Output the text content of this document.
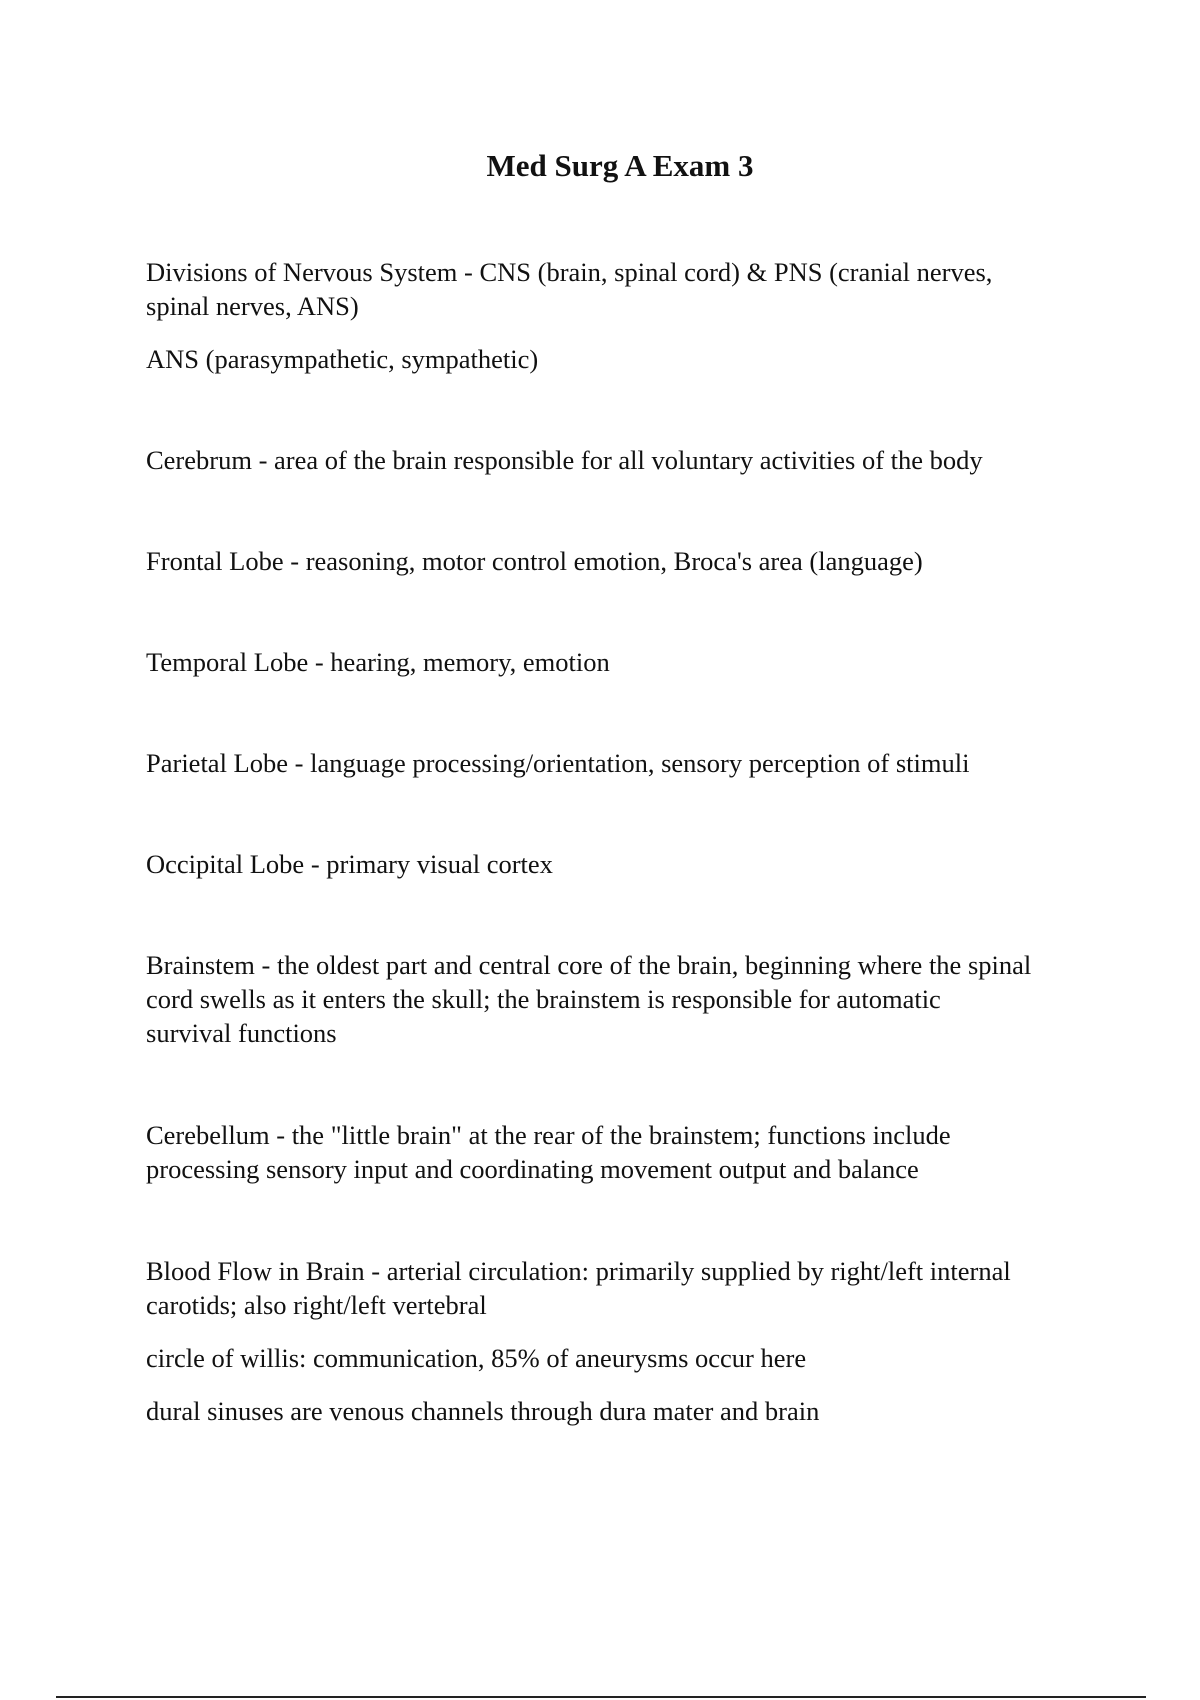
Med Surg A Exam 3

Divisions of Nervous System - CNS (brain, spinal cord) & PNS (cranial nerves,
spinal nerves, ANS)

ANS (parasympathetic, sympathetic)

Cerebrum - area of the brain responsible for all voluntary activities of the body

Frontal Lobe - reasoning, motor control emotion, Broca's area (language)

Temporal Lobe - hearing, memory, emotion

Parietal Lobe - language processing/orientation, sensory perception of stimuli

Occipital Lobe - primary visual cortex

Brainstem - the oldest part and central core of the brain, beginning where the spinal
cord swells as it enters the skull; the brainstem is responsible for automatic
survival functions

Cerebellum - the "little brain" at the rear of the brainstem; functions include
processing sensory input and coordinating movement output and balance

Blood Flow in Brain - arterial circulation: primarily supplied by right/left internal
carotids; also right/left vertebral

circle of willis: communication, 85% of aneurysms occur here

dural sinuses are venous channels through dura mater and brain
